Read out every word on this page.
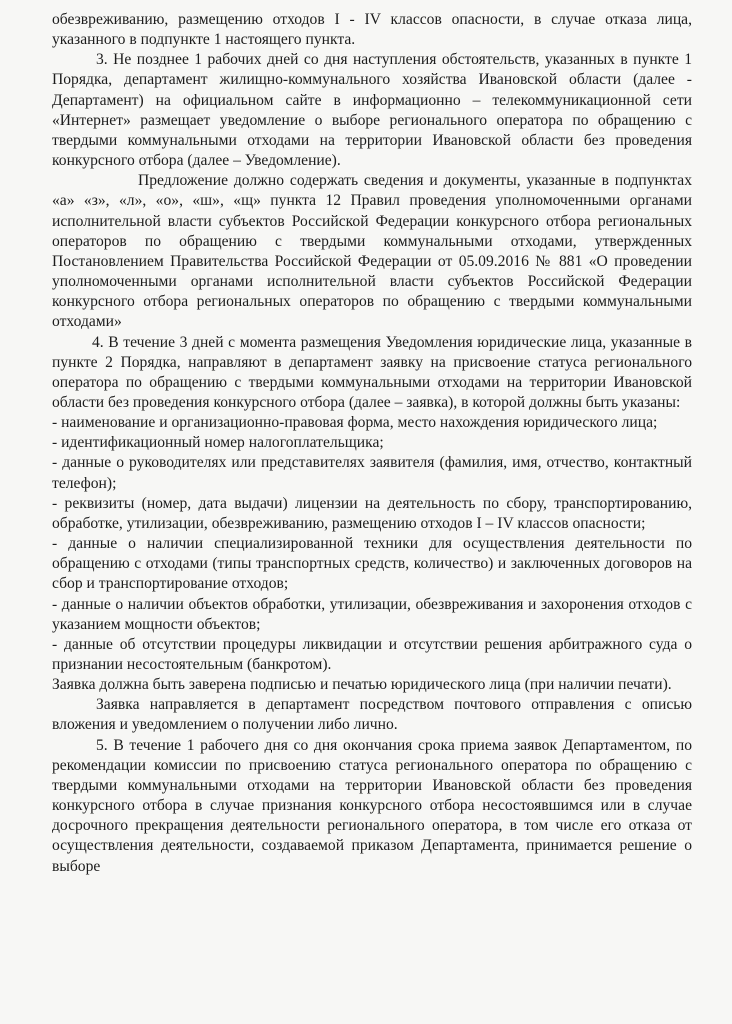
обезвреживанию, размещению отходов I - IV классов опасности, в случае отказа лица, указанного в подпункте 1 настоящего пункта.

3. Не позднее 1 рабочих дней со дня наступления обстоятельств, указанных в пункте 1 Порядка, департамент жилищно-коммунального хозяйства Ивановской области (далее - Департамент) на официальном сайте в информационно – телекоммуникационной сети «Интернет» размещает уведомление о выборе регионального оператора по обращению с твердыми коммунальными отходами на территории Ивановской области без проведения конкурсного отбора (далее – Уведомление).

Предложение должно содержать сведения и документы, указанные в подпунктах «а» «з», «л», «о», «ш», «щ» пункта 12 Правил проведения уполномоченными органами исполнительной власти субъектов Российской Федерации конкурсного отбора региональных операторов по обращению с твердыми коммунальными отходами, утвержденных Постановлением Правительства Российской Федерации от 05.09.2016 № 881 «О проведении уполномоченными органами исполнительной власти субъектов Российской Федерации конкурсного отбора региональных операторов по обращению с твердыми коммунальными отходами»

4. В течение 3 дней с момента размещения Уведомления юридические лица, указанные в пункте 2 Порядка, направляют в департамент заявку на присвоение статуса регионального оператора по обращению с твердыми коммунальными отходами на территории Ивановской области без проведения конкурсного отбора (далее – заявка), в которой должны быть указаны:

- наименование и организационно-правовая форма, место нахождения юридического лица;

- идентификационный номер налогоплательщика;

- данные о руководителях или представителях заявителя (фамилия, имя, отчество, контактный телефон);

- реквизиты (номер, дата выдачи) лицензии на деятельность по сбору, транспортированию, обработке, утилизации, обезвреживанию, размещению отходов I – IV классов опасности;

- данные о наличии специализированной техники для осуществления деятельности по обращению с отходами (типы транспортных средств, количество) и заключенных договоров на сбор и транспортирование отходов;

- данные о наличии объектов обработки, утилизации, обезвреживания и захоронения отходов с указанием мощности объектов;

- данные об отсутствии процедуры ликвидации и отсутствии решения арбитражного суда о признании несостоятельным (банкротом).

Заявка должна быть заверена подписью и печатью юридического лица (при наличии печати).

Заявка направляется в департамент посредством почтового отправления с описью вложения и уведомлением о получении либо лично.

5. В течение 1 рабочего дня со дня окончания срока приема заявок Департаментом, по рекомендации комиссии по присвоению статуса регионального оператора по обращению с твердыми коммунальными отходами на территории Ивановской области без проведения конкурсного отбора в случае признания конкурсного отбора несостоявшимся или в случае досрочного прекращения деятельности регионального оператора, в том числе его отказа от осуществления деятельности, создаваемой приказом Департамента, принимается решение о выборе
